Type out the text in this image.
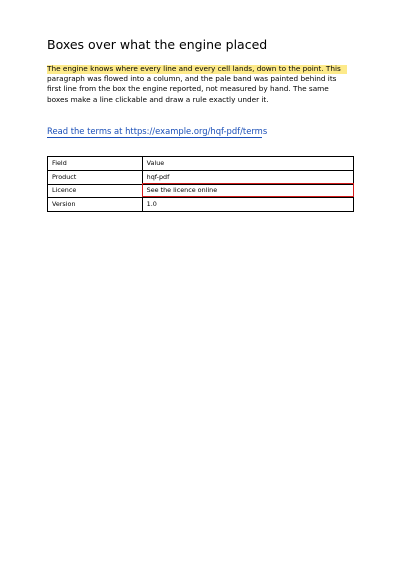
Boxes over what the engine placed

The engine knows where every line and every cell lands, down to the point. This paragraph was flowed into a column, and the pale band was painted behind its first line from the box the engine reported, not measured by hand. The same boxes make a line clickable and draw a rule exactly under it.

Read the terms at https://example.org/hqf-pdf/terms
Field	Value
Product	hqf-pdf
Licence	See the licence online
Version	1.0
